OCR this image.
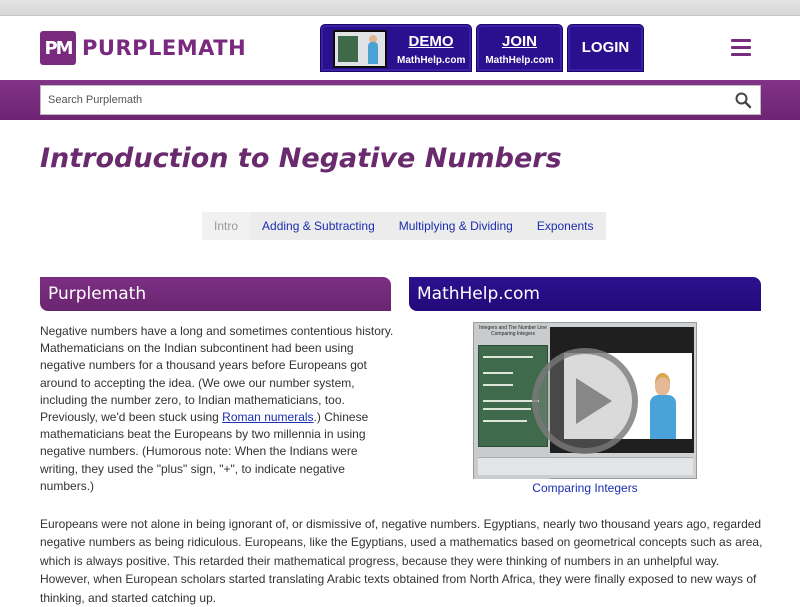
PM PURPLEMATH	DEMO
MathHelp.com
JOIN
MathHelp.com
LOGIN
Search Purplemath
Introduction to Negative Numbers
Intro	Adding & Subtracting	Multiplying & Dividing	Exponents
Purplemath	MathHelp.com

Negative numbers have a long and sometimes contentious history. Mathematicians on the Indian subcontinent had been using negative numbers for a thousand years before Europeans got around to accepting the idea. (We owe our number system, including the number zero, to Indian mathematicians, too. Previously, we'd been stuck using Roman numerals.) Chinese mathematicians beat the Europeans by two millennia in using negative numbers. (Humorous note: When the Indians were writing, they used the "plus" sign, "+", to indicate negative numbers.)

Integers and The Number Line Comparing Integers
Comparing Integers

Europeans were not alone in being ignorant of, or dismissive of, negative numbers. Egyptians, nearly two thousand years ago, regarded negative numbers as being ridiculous. Europeans, like the Egyptians, used a mathematics based on geometrical concepts such as area, which is always positive. This retarded their mathematical progress, because they were thinking of numbers in an unhelpful way. However, when European scholars started translating Arabic texts obtained from North Africa, they were finally exposed to new ways of thinking, and started catching up.
